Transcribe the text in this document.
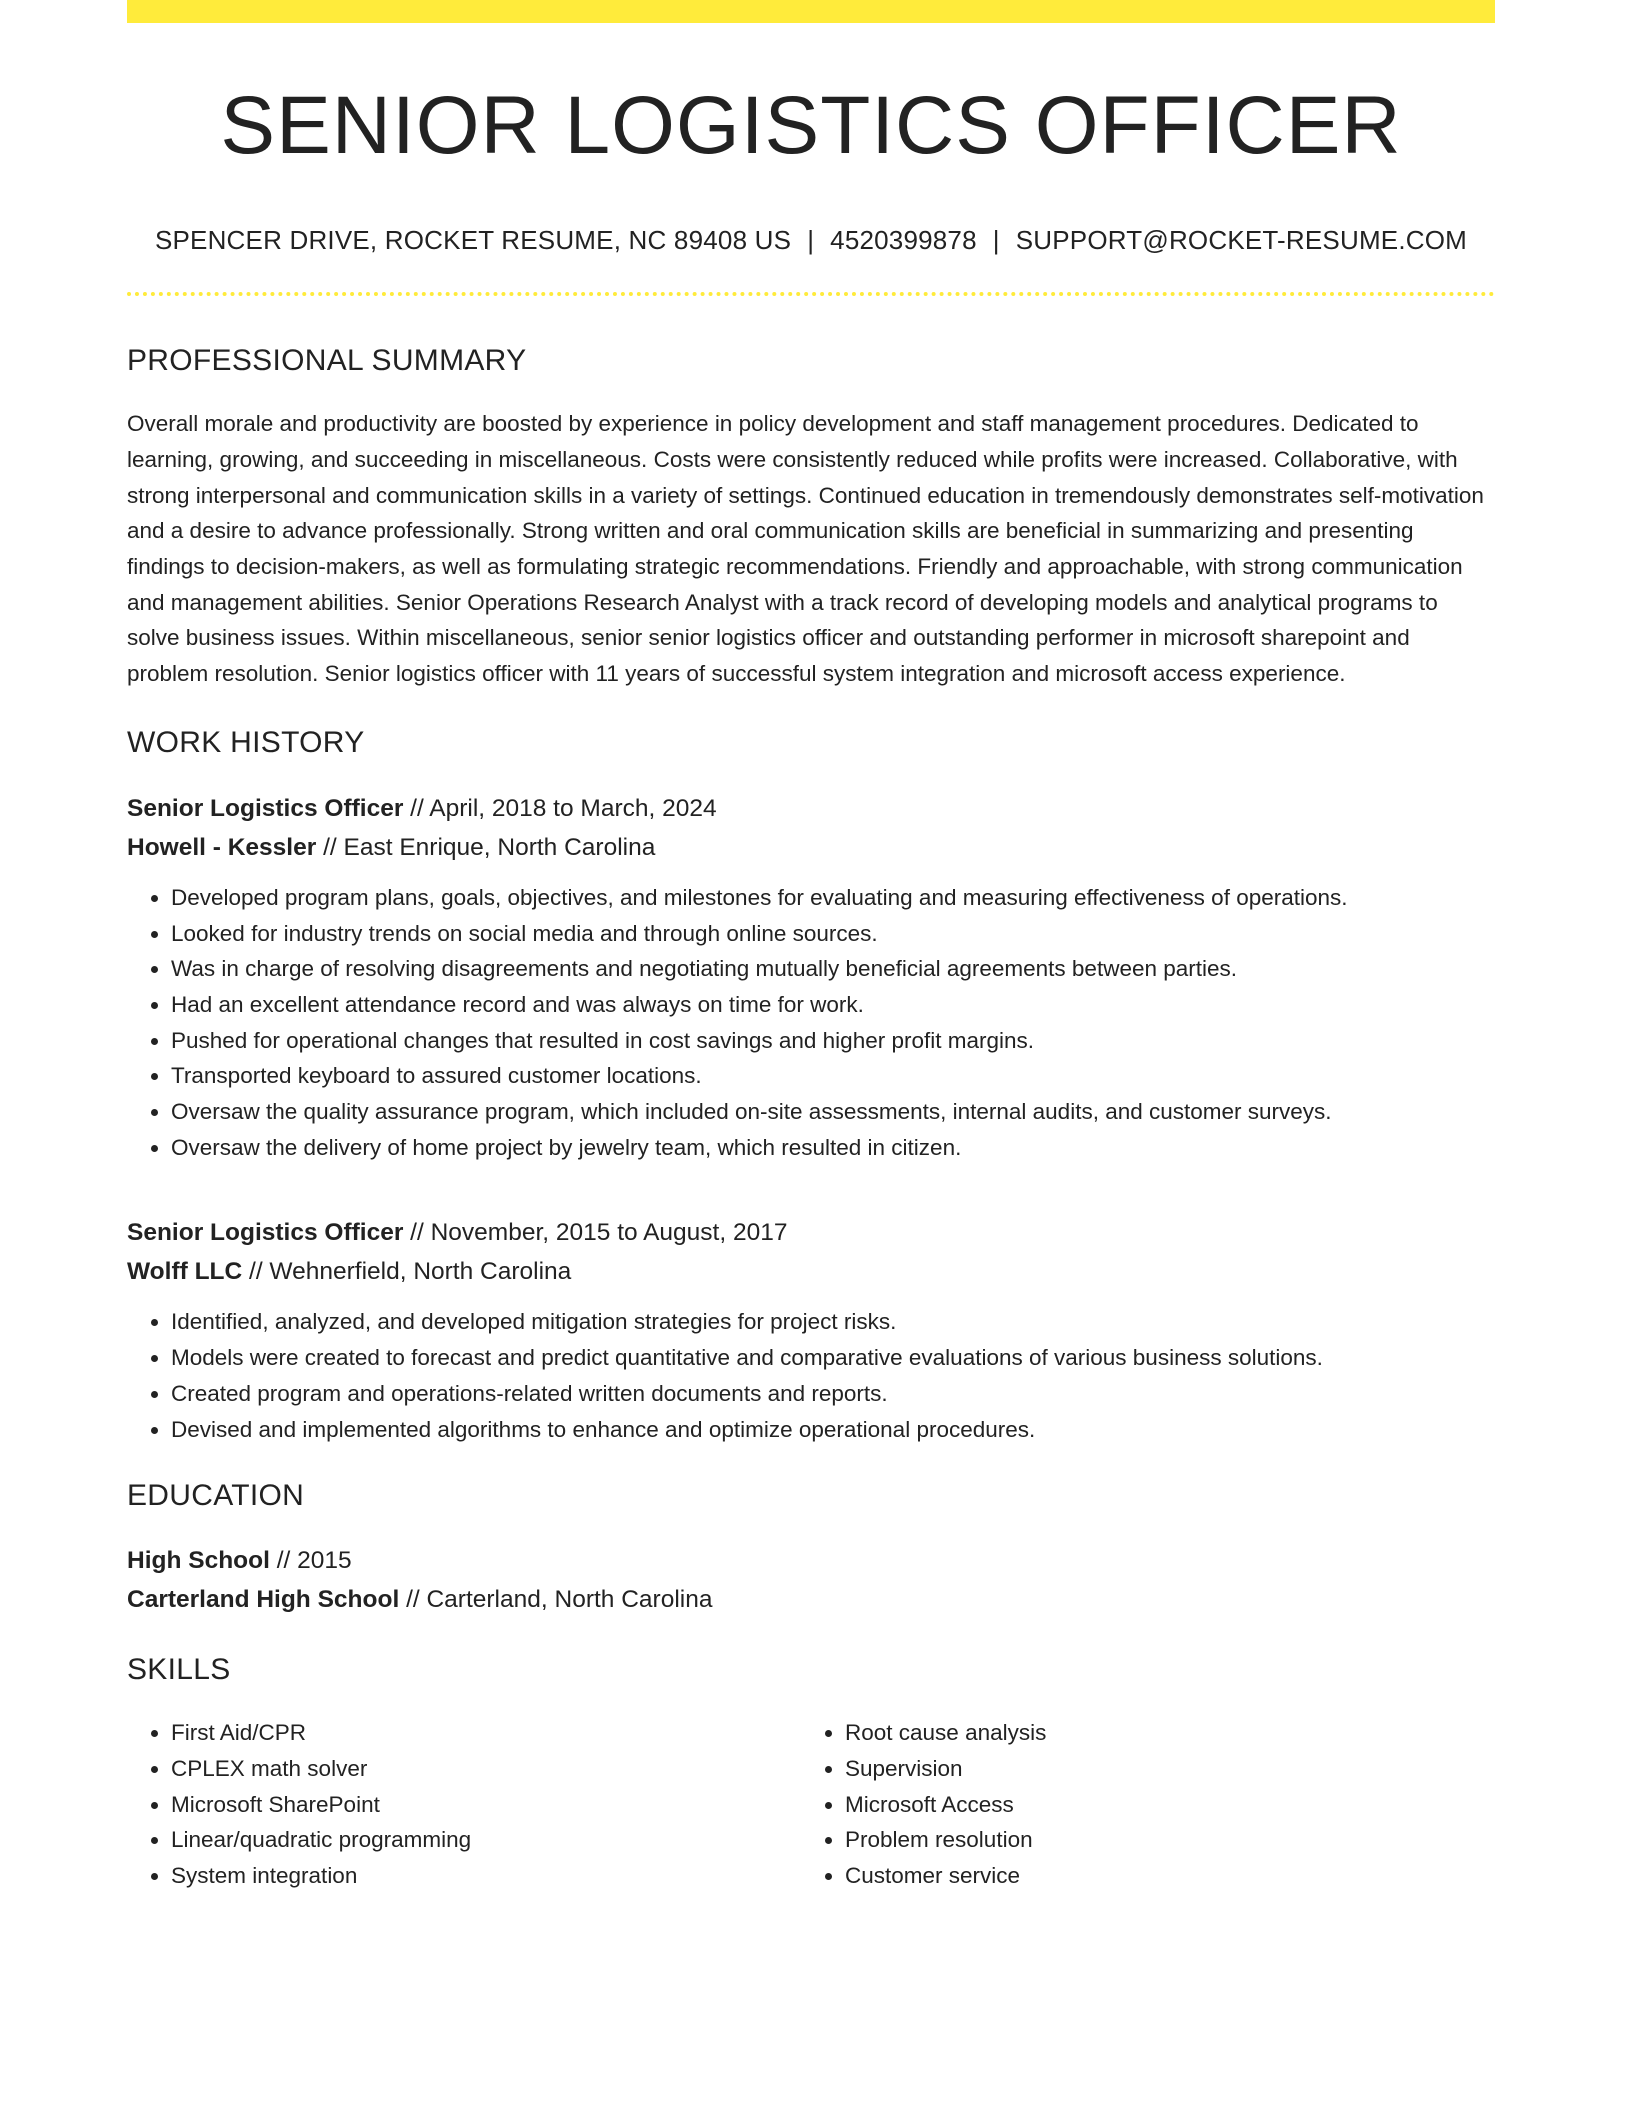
SENIOR LOGISTICS OFFICER
SPENCER DRIVE, ROCKET RESUME, NC 89408 US | 4520399878 | SUPPORT@ROCKET-RESUME.COM
PROFESSIONAL SUMMARY
Overall morale and productivity are boosted by experience in policy development and staff management procedures. Dedicated to learning, growing, and succeeding in miscellaneous. Costs were consistently reduced while profits were increased. Collaborative, with strong interpersonal and communication skills in a variety of settings. Continued education in tremendously demonstrates self-motivation and a desire to advance professionally. Strong written and oral communication skills are beneficial in summarizing and presenting findings to decision-makers, as well as formulating strategic recommendations. Friendly and approachable, with strong communication and management abilities. Senior Operations Research Analyst with a track record of developing models and analytical programs to solve business issues. Within miscellaneous, senior senior logistics officer and outstanding performer in microsoft sharepoint and problem resolution. Senior logistics officer with 11 years of successful system integration and microsoft access experience.
WORK HISTORY
Senior Logistics Officer // April, 2018 to March, 2024
Howell - Kessler // East Enrique, North Carolina
• Developed program plans, goals, objectives, and milestones for evaluating and measuring effectiveness of operations.
• Looked for industry trends on social media and through online sources.
• Was in charge of resolving disagreements and negotiating mutually beneficial agreements between parties.
• Had an excellent attendance record and was always on time for work.
• Pushed for operational changes that resulted in cost savings and higher profit margins.
• Transported keyboard to assured customer locations.
• Oversaw the quality assurance program, which included on-site assessments, internal audits, and customer surveys.
• Oversaw the delivery of home project by jewelry team, which resulted in citizen.
Senior Logistics Officer // November, 2015 to August, 2017
Wolff LLC // Wehnerfield, North Carolina
• Identified, analyzed, and developed mitigation strategies for project risks.
• Models were created to forecast and predict quantitative and comparative evaluations of various business solutions.
• Created program and operations-related written documents and reports.
• Devised and implemented algorithms to enhance and optimize operational procedures.
EDUCATION
High School // 2015
Carterland High School // Carterland, North Carolina
SKILLS
• First Aid/CPR
• CPLEX math solver
• Microsoft SharePoint
• Linear/quadratic programming
• System integration
• Root cause analysis
• Supervision
• Microsoft Access
• Problem resolution
• Customer service
